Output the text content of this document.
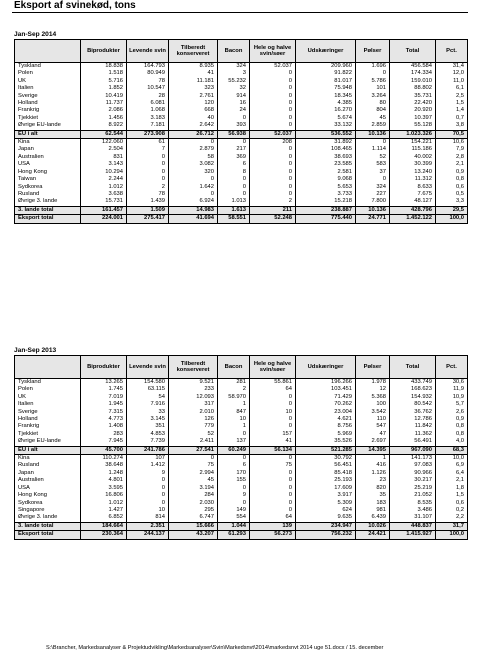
Eksport af svinekød, tons
Jan-Sep 2014
	Biprodukter	Levende svin	Tilberedt konserveret	Bacon	Hele og halve svin/søer	Udskæringer	Pølser	Total	Pct.
Tyskland	18.838	164.793	8.935	324	52.037	209.960	1.696	456.584	31,4
Polen	1.518	80.949	41	3	0	91.822	0	174.334	12,0
UK	5.716	78	11.181	55.232	0	81.017	5.786	159.010	11,0
Italien	1.852	10.547	323	32	0	75.948	101	88.802	6,1
Sverige	10.419	28	2.761	914	0	18.345	3.264	35.731	2,5
Holland	11.737	6.081	120	16	0	4.385	80	22.420	1,5
Frankrig	2.086	1.068	668	24	0	16.270	804	20.920	1,4
Tjekkiet	1.456	3.183	40	0	0	5.674	45	10.397	0,7
Øvrige EU-lande	8.922	7.181	2.642	393	0	33.132	2.859	55.128	3,8
EU i alt	62.544	273.908	26.712	56.938	52.037	536.552	10.136	1.023.326	70,5
Kina	122.060	61	0	0	208	31.892	0	154.221	10,6
Japan	2.504	7	2.879	217	0	108.465	1.114	115.186	7,9
Australien	831	0	58	369	0	38.693	52	40.002	2,8
USA	3.143	0	3.082	6	0	23.585	583	30.399	2,1
Hong Kong	10.294	0	320	8	0	2.581	37	13.240	0,9
Taiwan	2.244	0	0	0	0	9.068	0	11.312	0,8
Sydkorea	1.012	2	1.642	0	0	5.653	324	8.633	0,6
Rusland	3.638	78	0	0	0	3.733	227	7.675	0,5
Øvrige 3. lande	15.731	1.439	6.924	1.013	2	15.218	7.800	48.127	3,3
3. lande total	161.457	1.509	14.983	1.613	211	238.887	10.136	428.796	29,5
Eksport total	224.001	275.417	41.694	58.551	52.248	775.440	24.771	1.452.122	100,0
Jan-Sep 2013
	Biprodukter	Levende svin	Tilberedt konserveret	Bacon	Hele og halve svin/søer	Udskæringer	Pølser	Total	Pct.
Tyskland	13.265	154.580	9.521	281	55.861	196.266	1.978	433.749	30,6
Polen	1.745	63.115	233	2	64	103.451	12	168.623	11,9
UK	7.019	54	12.093	58.970	0	71.429	5.368	154.932	10,9
Italien	1.945	7.916	317	1	0	70.262	100	80.542	5,7
Sverige	7.315	33	2.010	847	10	23.004	3.542	36.762	2,6
Holland	4.773	3.145	126	10	0	4.621	110	12.786	0,9
Frankrig	1.408	351	779	1	0	8.756	547	11.842	0,8
Tjekkiet	283	4.853	52	0	157	5.969	47	11.362	0,8
Øvrige EU-lande	7.945	7.739	2.411	137	41	35.526	2.697	56.491	4,0
EU i alt	45.700	241.786	27.541	60.249	56.134	521.285	14.395	967.090	68,3
Kina	110.274	107	0	0	0	30.792	1	141.173	10,0
Rusland	38.648	1.412	75	6	75	56.451	416	97.083	6,9
Japan	1.248	9	2.994	170	0	85.418	1.126	90.966	6,4
Australien	4.801	0	45	155	0	25.193	23	30.217	2,1
USA	3.595	0	3.194	0	0	17.609	820	25.219	1,8
Hong Kong	16.806	0	284	9	0	3.917	35	21.052	1,5
Sydkorea	1.012	0	2.030	0	0	5.309	183	8.535	0,6
Singapore	1.427	10	295	149	0	624	981	3.486	0,2
Øvrige 3. lande	6.852	814	6.747	554	64	9.635	6.439	31.107	2,2
3. lande total	184.664	2.351	15.666	1.044	139	234.947	10.026	448.837	31,7
Eksport total	230.364	244.137	43.207	61.293	56.273	756.232	24.421	1.415.927	100,0
S:\Brancher, Markedsanalyser & Projektudvikling\Markedsanalyser\Svin\Markedsnvt\2014\markedsnvt 2014 uge 51.docx / 15. december
